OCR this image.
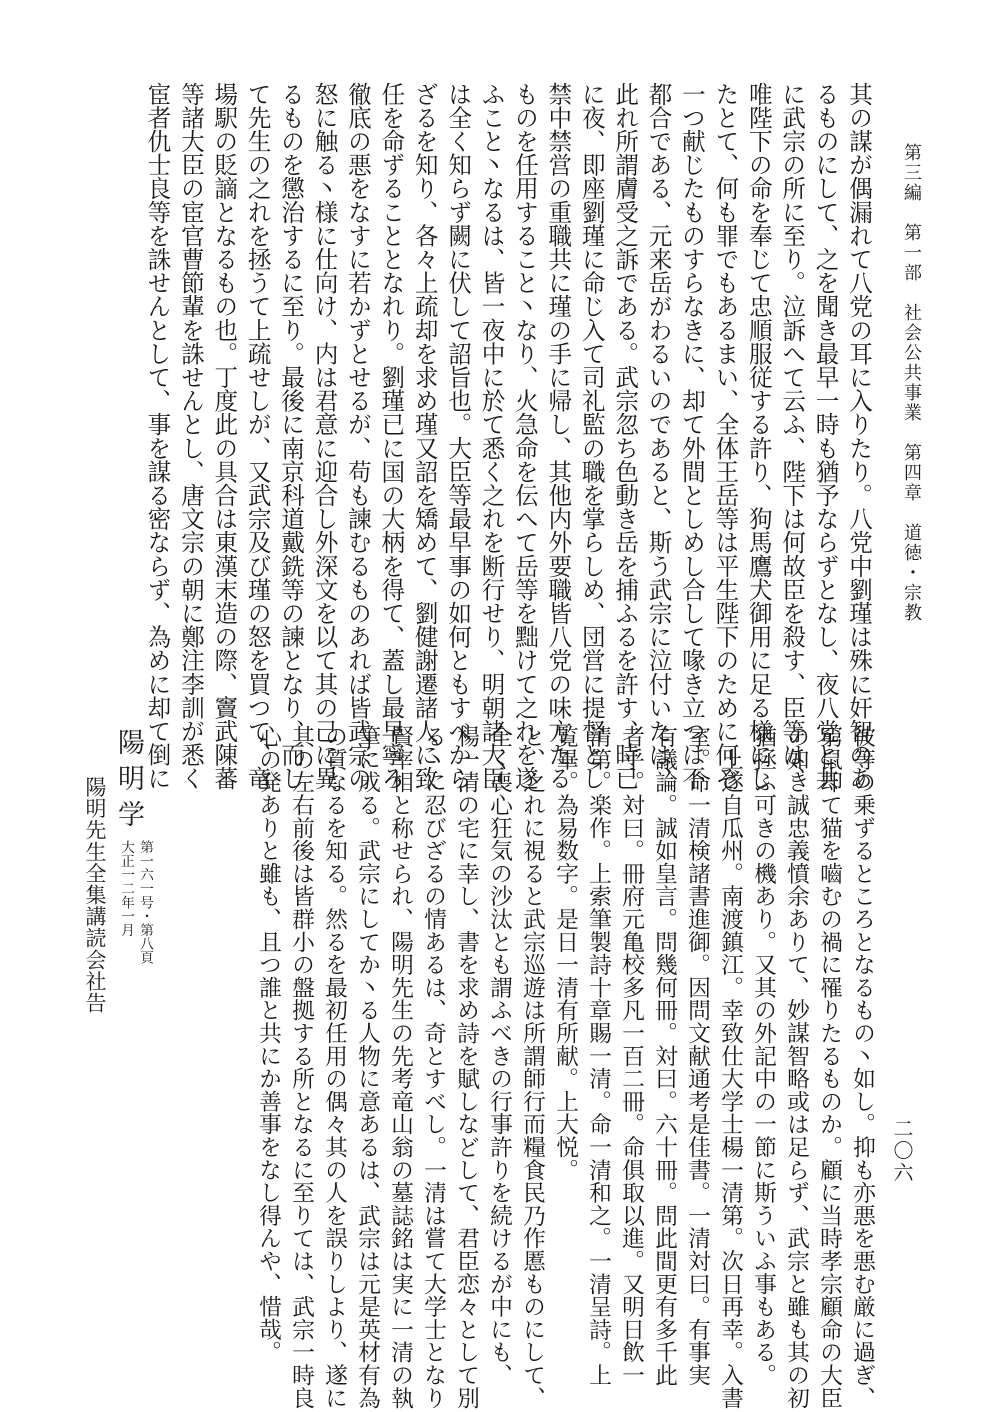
第三編　第一部　社会公共事業　第四章　道徳・宗教
二〇六

其の謀が偶漏れて八党の耳に入りたり。八党中劉瑾は殊に奸智のあ

るものにして、之を聞き最早一時も猶予ならずとなし、夜八党と共

に武宗の所に至り。泣訴へて云ふ、陛下は何故臣を殺す、臣等は、

唯陛下の命を奉じて忠順服従する許り、狗馬鷹犬御用に足る様にし

たとて、何も罪でもあるまい、全体王岳等は平生陛下のために何ぞ

一つ献じたものすらなきに、却て外間としめし合して喙き立つは不

都合である、元来岳がわるいのであると、斯う武宗に泣付いたは、

此れ所謂膚受之訴である。武宗忽ち色動き岳を捕ふるを許す、時已

に夜、即座劉瑾に命じ入て司礼監の職を掌らしめ、団営に提督とし

禁中禁営の重職共に瑾の手に帰し、其他内外要職皆八党の味方たる

ものを任用すること丶なり、火急命を伝へて岳等を黜けて之れを遂

ふこと丶なるは、皆一夜中に於て悉く之れを断行せり、明朝諸大臣

は全く知らず闕に伏して詔旨也。大臣等最早事の如何ともすべから

ざるを知り、各々上疏却を求め瑾又詔を矯めて、劉健謝遷諸人に致

任を命ずることとなれり。劉瑾已に国の大柄を得て、蓋し最早寧ろ

徹底の悪をなすに若かずとせるが、苟も諫むるものあれば皆武宗の

怒に触る丶様に仕向け、内は君意に迎合し外深文を以て其の己に異

るものを懲治するに至り。最後に南京科道戴銑等の諫となり、而し

て先生の之れを拯うて上疏せしが、又武宗及び瑾の怒を買つて、竜

場駅の貶謫となるもの也。丁度此の具合は東漢末造の際、竇武陳蕃

等諸大臣の宦官曹節輩を誅せんとし、唐文宗の朝に鄭注李訓が悉く

宦者仇士良等を誅せんとして、事を謀る密ならず、為めに却て倒に

彼等の乗ずるところとなるもの丶如し。抑も亦悪を悪む厳に過ぎ、

窮鼠却て猫を嚙むの禍に罹りたるものか。顧に当時孝宗顧命の大臣

の如き誠忠義憤余ありて、妙謀智略或は足らず、武宗と雖も其の初

猶拯ふ可きの機あり。又其の外記中の一節に斯ういふ事もある。

　上遂自瓜州。南渡鎮江。幸致仕大学士楊一清第。次日再幸。入書

室。命一清検諸書進御。因問文献通考是佳書。一清対曰。有事実

有議論。誠如皇言。問幾何冊。対曰。六十冊。問此間更有多千此

者乎。対曰。冊府元亀校多凡一百二冊。命俱取以進。又明日飲一

清第。楽作。上索筆製詩十章賜一清。命一清和之。一清呈詩。上

覧畢。為易数字。是日一清有所献。上大悦。

と、之れに視ると武宗巡遊は所謂師行而糧食民乃作慝ものにして、

全く喪心狂気の沙汰とも謂ふべきの行事許りを続けるが中にも、

楊一清の宅に幸し、書を求め詩を賦しなどして、君臣恋々として別

る丶に忍びざるの情あるは、奇とすべし。一清は嘗て大学士となり

賢宰相と称せられ、陽明先生の先考竜山翁の墓誌銘は実に一清の執

筆に成る。武宗にしてか丶る人物に意あるは、武宗は元是英材有為

の質なるを知る。然るを最初任用の偶々其の人を誤りしより、遂に

其の左右前後は皆群小の盤拠する所となるに至りては、武宗一時良

心の発ありと雖も、且つ誰と共にか善事をなし得んや、惜哉。

陽明学
第一六一号・第八頁
大正一二年一月
陽明先生全集講読会社告
